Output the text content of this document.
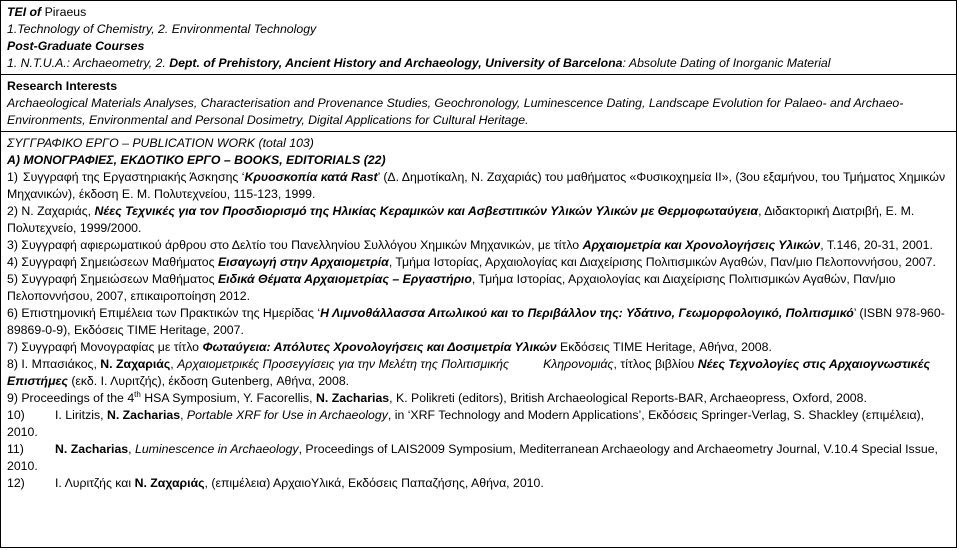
TEI of Piraeus

1.Technology of Chemistry, 2. Environmental Technology

Post-Graduate Courses

1. N.T.U.A.: Archaeometry, 2. Dept. of Prehistory, Ancient History and Archaeology, University of Barcelona: Absolute Dating of Inorganic Material

Research Interests

Archaeological Materials Analyses, Characterisation and Provenance Studies, Geochronology, Luminescence Dating, Landscape Evolution for Palaeo- and Archaeo-Environments, Environmental and Personal Dosimetry, Digital Applications for Cultural Heritage.

ΣΥΓΓΡΑΦΙΚΟ ΕΡΓΟ – PUBLICATION WORK (total 103)

Α) ΜΟΝΟΓΡΑΦΙΕΣ, ΕΚΔΟΤΙΚΟ ΕΡΓΟ – BOOKS, EDITORIALS (22)

1) Συγγραφή της Εργαστηριακής Άσκησης ‘Κρυοσκοπία κατά Rast’ (Δ. Δημοτίκαλη, Ν. Ζαχαριάς) του μαθήματος «Φυσικοχημεία ΙΙ», (3ου εξαμήνου, του Τμήματος Χημικών Μηχανικών), έκδοση Ε. Μ. Πολυτεχνείου, 115-123, 1999.

2) Ν. Ζαχαριάς, Νέες Τεχνικές για τον Προσδιορισμό της Ηλικίας Κεραμικών και Ασβεστιτικών Υλικών Υλικών με Θερμοφωταύγεια, Διδακτορική Διατριβή, Ε. Μ. Πολυτεχνείο, 1999/2000.

3) Συγγραφή αφιερωματικού άρθρου στο Δελτίο του Πανελληνίου Συλλόγου Χημικών Μηχανικών, με τίτλο Αρχαιομετρία και Χρονολογήσεις Υλικών, Τ.146, 20-31, 2001.

4) Συγγραφή Σημειώσεων Μαθήματος Εισαγωγή στην Αρχαιομετρία, Τμήμα Ιστορίας, Αρχαιολογίας και Διαχείρισης Πολιτισμικών Αγαθών, Παν/μιο Πελοποννήσου, 2007.

5) Συγγραφή Σημειώσεων Μαθήματος Ειδικά Θέματα Αρχαιομετρίας – Εργαστήριο, Τμήμα Ιστορίας, Αρχαιολογίας και Διαχείρισης Πολιτισμικών Αγαθών, Παν/μιο Πελοποννήσου, 2007, επικαιροποίηση 2012.

6) Επιστημονική Επιμέλεια των Πρακτικών της Ημερίδας ‘Η Λιμνοθάλλασσα Αιτωλικού και το Περιβάλλον της: Υδάτινο, Γεωμορφολογικό, Πολιτισμικό’ (ISBN 978-960-89869-0-9), Εκδόσεις TIME Heritage, 2007.

7) Συγγραφή Μονογραφίας με τίτλο Φωταύγεια: Απόλυτες Χρονολογήσεις και Δοσιμετρία Υλικών Εκδόσεις TIME Heritage, Αθήνα, 2008.

8) Ι. Μπασιάκος, Ν. Ζαχαριάς, Αρχαιομετρικές Προσεγγίσεις για την Μελέτη της Πολιτισμικής          Κληρονομιάς, τίτλος βιβλίου Νέες Τεχνολογίες στις Αρχαιογνωστικές Επιστήμες (εκδ. Ι. Λυριτζής), έκδοση Gutenberg, Αθήνα, 2008.

9) Proceedings of the 4th HSA Symposium, Y. Facorellis, N. Zacharias, K. Polikreti (editors), British Archaeological Reports-BAR, Archaeopress, Oxford, 2008.

10) I. Liritzis, N. Zacharias, Portable XRF for Use in Archaeology, in ‘XRF Technology and Modern Applications’, Εκδόσεις Springer-Verlag, S. Shackley (επιμέλεια), 2010.

11)	N. Zacharias, Luminescence in Archaeology, Proceedings of LAIS2009 Symposium, Mediterranean Archaeology and Archaeometry Journal, V.10.4 Special Issue, 2010.

12) Ι. Λυριτζής και Ν. Ζαχαριάς, (επιμέλεια) ΑρχαιοΥλικά, Εκδόσεις Παπαζήσης, Αθήνα, 2010.
